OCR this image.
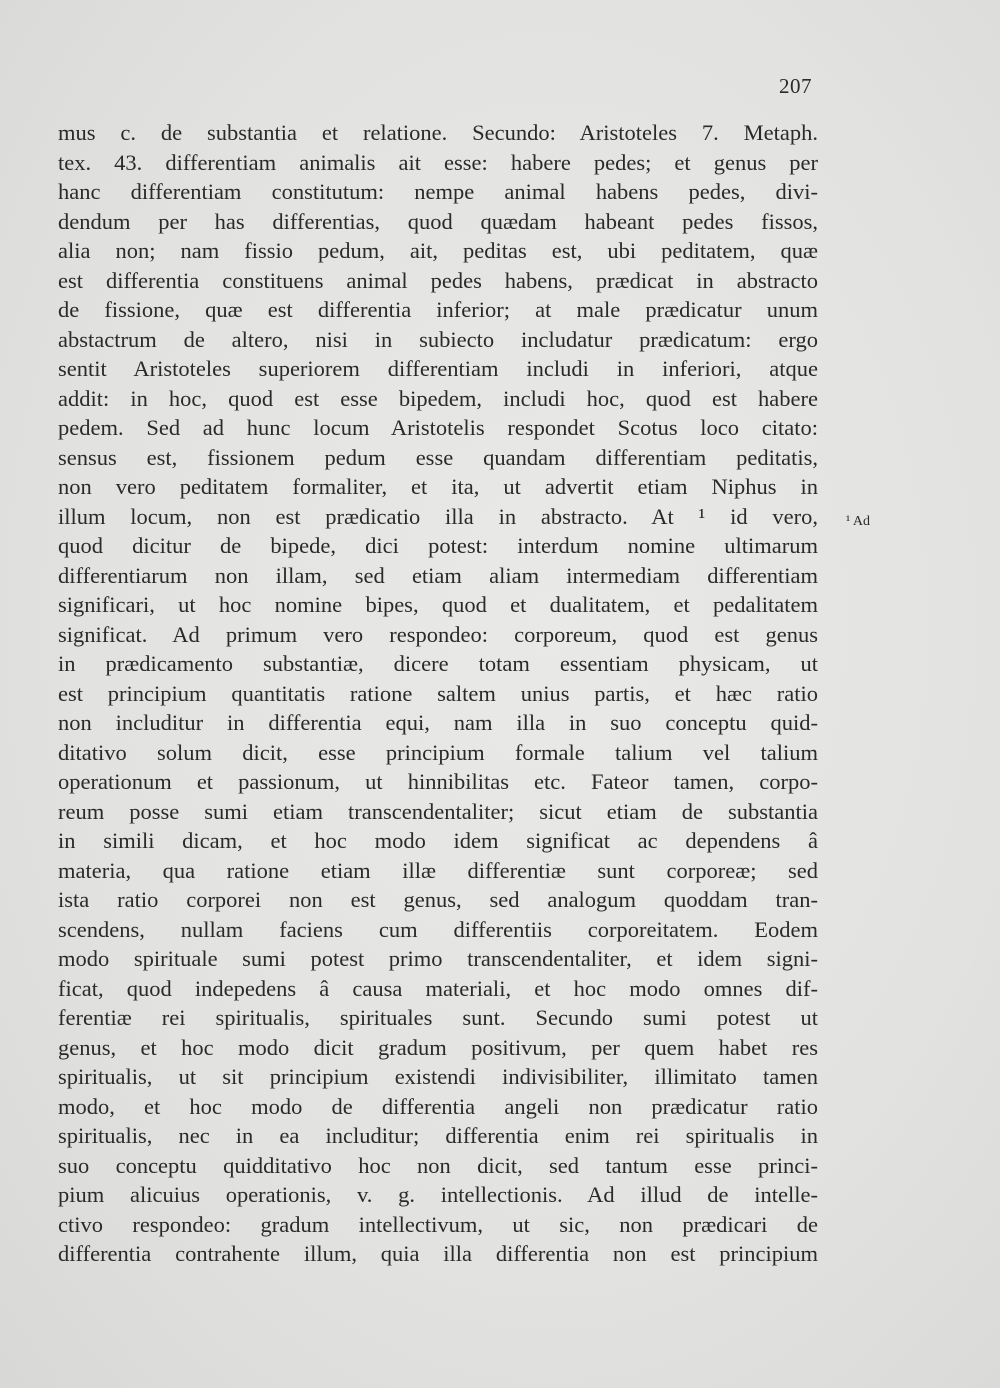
207
mus c. de substantia et relatione. Secundo: Aristoteles 7. Metaph.
tex. 43. differentiam animalis ait esse: habere pedes; et genus per
hanc differentiam constitutum: nempe animal habens pedes, divi-
dendum per has differentias, quod quædam habeant pedes fissos,
alia non; nam fissio pedum, ait, peditas est, ubi peditatem, quæ
est differentia constituens animal pedes habens, prædicat in abstracto
de fissione, quæ est differentia inferior; at male prædicatur unum
abstactrum de altero, nisi in subiecto includatur prædicatum: ergo
sentit Aristoteles superiorem differentiam includi in inferiori, atque
addit: in hoc, quod est esse bipedem, includi hoc, quod est habere
pedem. Sed ad hunc locum Aristotelis respondet Scotus loco citato:
sensus est, fissionem pedum esse quandam differentiam peditatis,
non vero peditatem formaliter, et ita, ut advertit etiam Niphus in
illum locum, non est prædicatio illa in abstracto. At ¹ id vero,
quod dicitur de bipede, dici potest: interdum nomine ultimarum
differentiarum non illam, sed etiam aliam intermediam differentiam
significari, ut hoc nomine bipes, quod et dualitatem, et pedalitatem
significat. Ad primum vero respondeo: corporeum, quod est genus
in prædicamento substantiæ, dicere totam essentiam physicam, ut
est principium quantitatis ratione saltem unius partis, et hæc ratio
non includitur in differentia equi, nam illa in suo conceptu quid-
ditativo solum dicit, esse principium formale talium vel talium
operationum et passionum, ut hinnibilitas etc. Fateor tamen, corpo-
reum posse sumi etiam transcendentaliter; sicut etiam de substantia
in simili dicam, et hoc modo idem significat ac dependens â
materia, qua ratione etiam illæ differentiæ sunt corporeæ; sed
ista ratio corporei non est genus, sed analogum quoddam tran-
scendens, nullam faciens cum differentiis corporeitatem. Eodem
modo spirituale sumi potest primo transcendentaliter, et idem signi-
ficat, quod indepedens â causa materiali, et hoc modo omnes dif-
ferentiæ rei spiritualis, spirituales sunt. Secundo sumi potest ut
genus, et hoc modo dicit gradum positivum, per quem habet res
spiritualis, ut sit principium existendi indivisibiliter, illimitato tamen
modo, et hoc modo de differentia angeli non prædicatur ratio
spiritualis, nec in ea includitur; differentia enim rei spiritualis in
suo conceptu quidditativo hoc non dicit, sed tantum esse princi-
pium alicuius operationis, v. g. intellectionis. Ad illud de intelle-
ctivo respondeo: gradum intellectivum, ut sic, non prædicari de
differentia contrahente illum, quia illa differentia non est principium
¹ Ad
